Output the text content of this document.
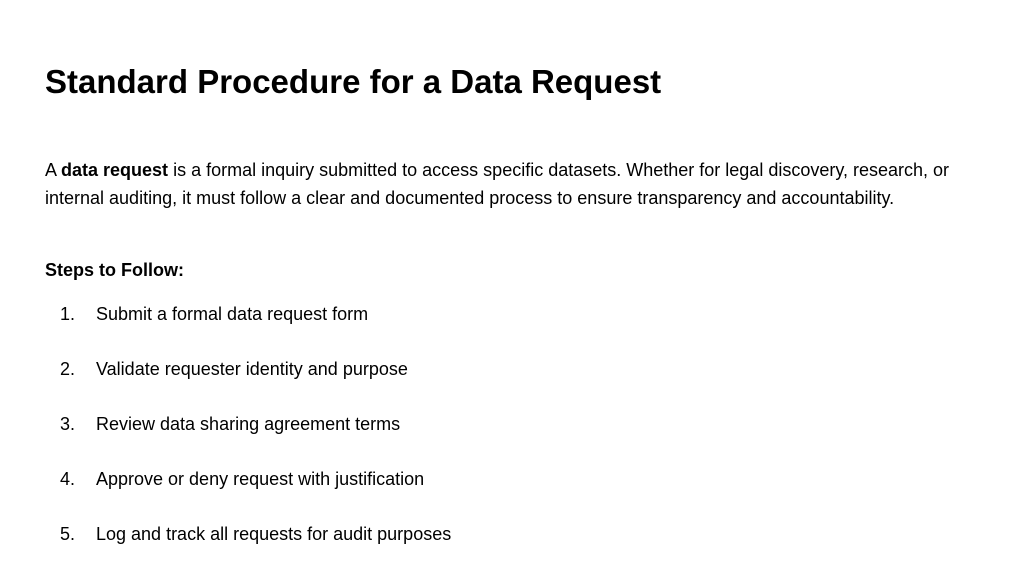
Standard Procedure for a Data Request

A data request is a formal inquiry submitted to access specific datasets. Whether for legal discovery, research, or internal auditing, it must follow a clear and documented process to ensure transparency and accountability.

Steps to Follow:

1. Submit a formal data request form
2. Validate requester identity and purpose
3. Review data sharing agreement terms
4. Approve or deny request with justification
5. Log and track all requests for audit purposes
